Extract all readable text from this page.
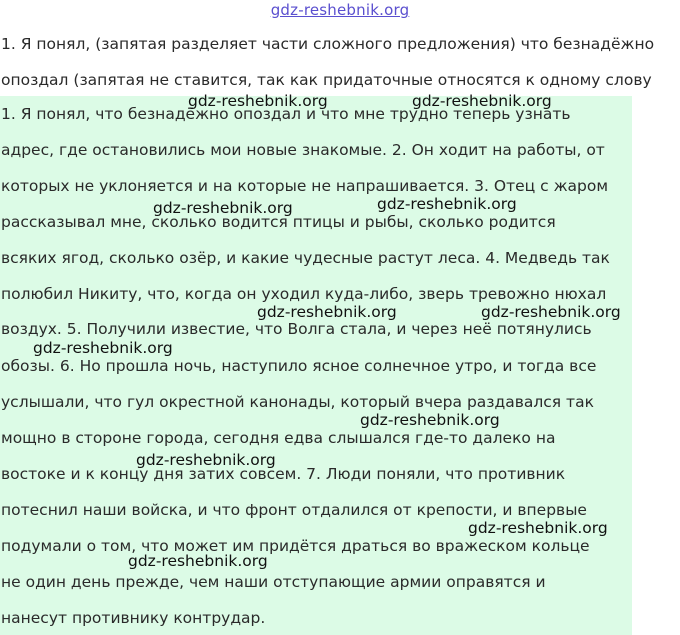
gdz-reshebnik.org
1. Я понял, (запятая разделяет части сложного предложения) что безнадёжно
опоздал (запятая не ставится, так как придаточные относятся к одному слову
1. Я понял, что безнадёжно опоздал и что мне трудно теперь узнать
адрес, где остановились мои новые знакомые. 2. Он ходит на работы, от
которых не уклоняется и на которые не напрашивается. 3. Отец с жаром
рассказывал мне, сколько водится птицы и рыбы, сколько родится
всяких ягод, сколько озёр, и какие чудесные растут леса. 4. Медведь так
полюбил Никиту, что, когда он уходил куда-либо, зверь тревожно нюхал
воздух. 5. Получили известие, что Волга стала, и через неё потянулись
обозы. 6. Но прошла ночь, наступило ясное солнечное утро, и тогда все
услышали, что гул окрестной канонады, который вчера раздавался так
мощно в стороне города, сегодня едва слышался где-то далеко на
востоке и к концу дня затих совсем. 7. Люди поняли, что противник
потеснил наши войска, и что фронт отдалился от крепости, и впервые
подумали о том, что может им придётся драться во вражеском кольце
не один день прежде, чем наши отступающие армии оправятся и
нанесут противнику контрудар.
gdz-reshebnik.org	gdz-reshebnik.org
gdz-reshebnik.org	gdz-reshebnik.org
gdz-reshebnik.org	gdz-reshebnik.org
gdz-reshebnik.org
gdz-reshebnik.org
gdz-reshebnik.org
gdz-reshebnik.org
gdz-reshebnik.org
